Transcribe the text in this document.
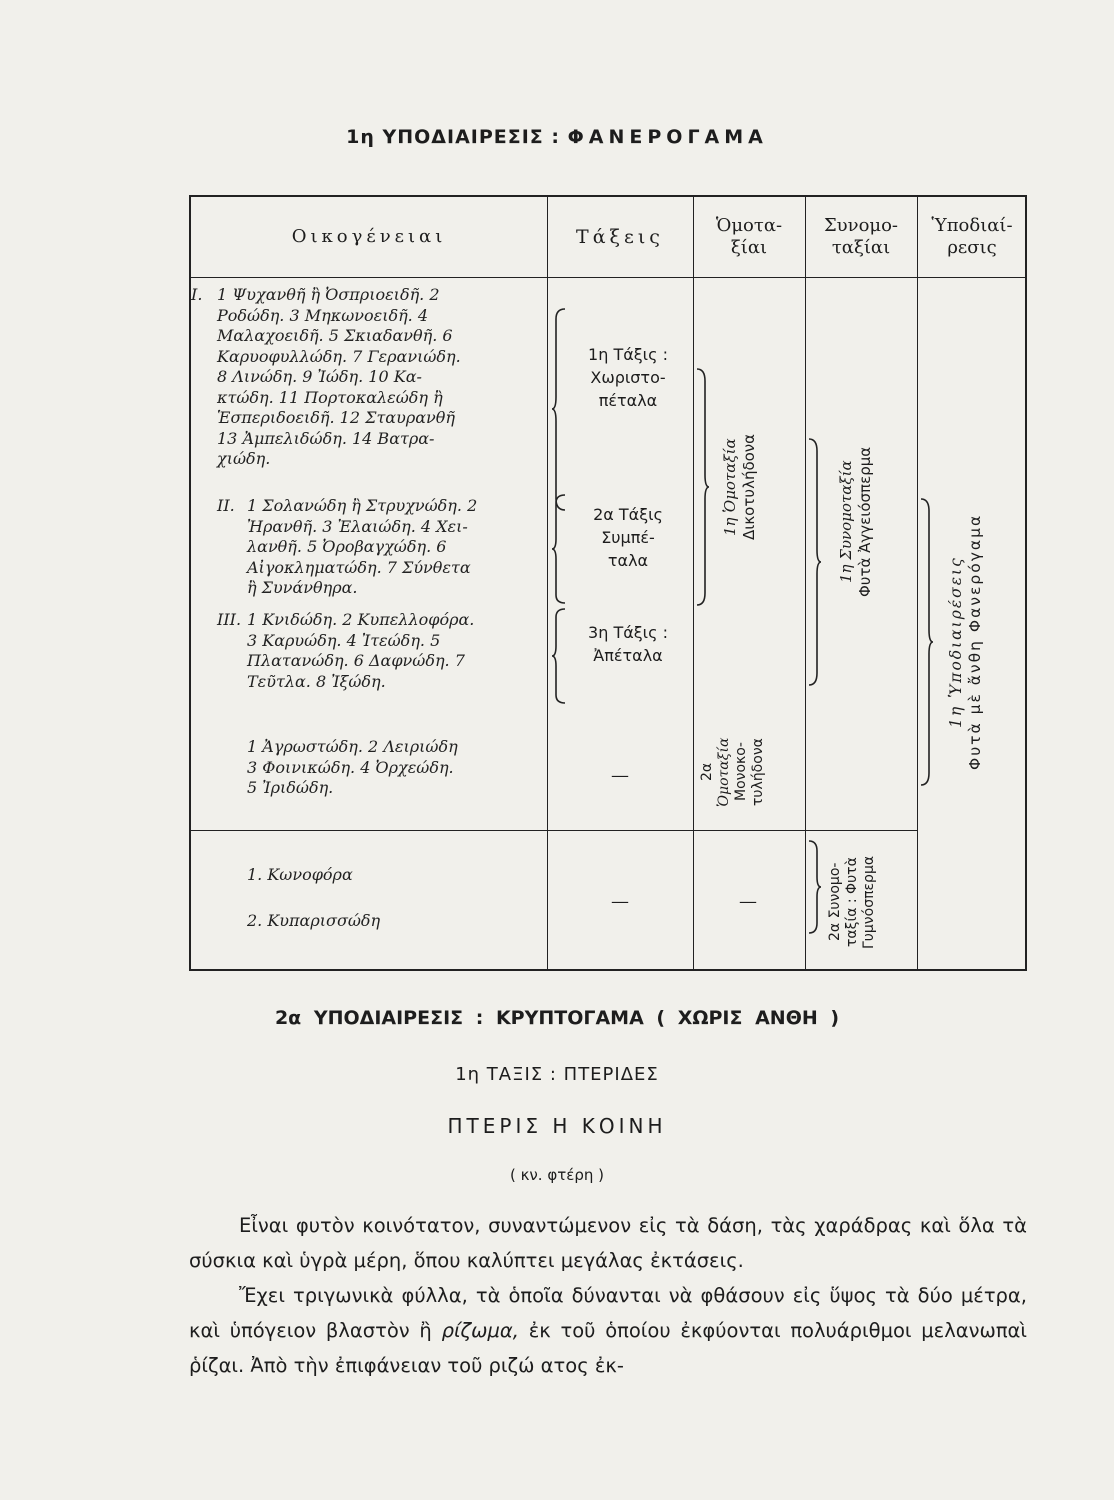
1η ΥΠΟΔΙΑΙΡΕΣΙΣ : ΦΑΝΕΡΟΓΑΜΑ
Οικογένειαι	Τάξεις
Ὁμοτα-
ξίαι
Συνομο-
ταξίαι
Ὑποδιαί-
ρεσις
I. 1 Ψυχανθῆ ἢ Ὀσπριοειδῆ. 2
Ροδώδη. 3 Μηκωνοειδῆ. 4
Μαλαχοειδῆ. 5 Σκιαδανθῆ. 6
Καρυοφυλλώδη. 7 Γερανιώδη.
8 Λινώδη. 9 Ἰώδη. 10 Κα-
κτώδη. 11 Πορτοκαλεώδη ἢ
Ἑσπεριδοειδῆ. 12 Σταυρανθῆ
13 Ἀμπελιδώδη. 14 Βατρα-
χιώδη.
II. 1 Σολανώδη ἢ Στρυχνώδη. 2
Ἠρανθῆ. 3 Ἐλαιώδη. 4 Χει-
λανθῆ. 5 Ὀροβαγχώδη. 6
Αἰγοκληματώδη. 7 Σύνθετα
ἢ Συνάνθηρα.
III. 1 Κνιδώδη. 2 Κυπελλοφόρα.
3 Καρυώδη. 4 Ἰτεώδη. 5
Πλατανώδη. 6 Δαφνώδη. 7
Τεῦτλα. 8 Ἰξώδη.
1 Ἀγρωστώδη. 2 Λειριώδη
3 Φοινικώδη. 4 Ὀρχεώδη.
5 Ἰριδώδη.
1. Κωνοφόρα
2. Κυπαρισσώδη
1η Τάξις :
Χωριστο-
πέταλα
2α Τάξις
Συμπέ-
ταλα
3η Τάξις :
Ἀπέταλα
—
—
1η Ὁμοταξία
Δικοτυλήδονα
2α
Ὁμοταξία
Μονοκο-
τυλήδονα
—
1η Συνομοταξία
Φυτὰ Ἀγγειόσπερμα
2α Συνομο-
ταξία : Φυτὰ
Γυμνόσπερμα
1η Ὑποδιαιρέσεις
Φυτὰ μὲ ἄνθη Φανερόγαμα
2α ΥΠΟΔΙΑΙΡΕΣΙΣ : ΚΡΥΠΤΟΓΑΜΑ ( ΧΩΡΙΣ ΑΝΘΗ )
1η ΤΑΞΙΣ : ΠΤΕΡΙΔΕΣ
ΠΤΕΡΙΣ Η ΚΟΙΝΗ
( κν. φτέρη )

Εἶναι φυτὸν κοινότατον, συναντώμενον εἰς τὰ δάση, τὰς χαράδρας καὶ ὅλα τὰ σύσκια καὶ ὑγρὰ μέρη, ὅπου καλύπτει μεγάλας ἐκτάσεις.

Ἔχει τριγωνικὰ φύλλα, τὰ ὁποῖα δύνανται νὰ φθάσουν εἰς ὕψος τὰ δύο μέτρα, καὶ ὑπόγειον βλαστὸν ἢ ρίζωμα, ἐκ τοῦ ὁποίου ἐκφύονται πολυάριθμοι μελανωπαὶ ῥίζαι. Ἀπὸ τὴν ἐπιφάνειαν τοῦ ριζώ ατος ἐκ-
